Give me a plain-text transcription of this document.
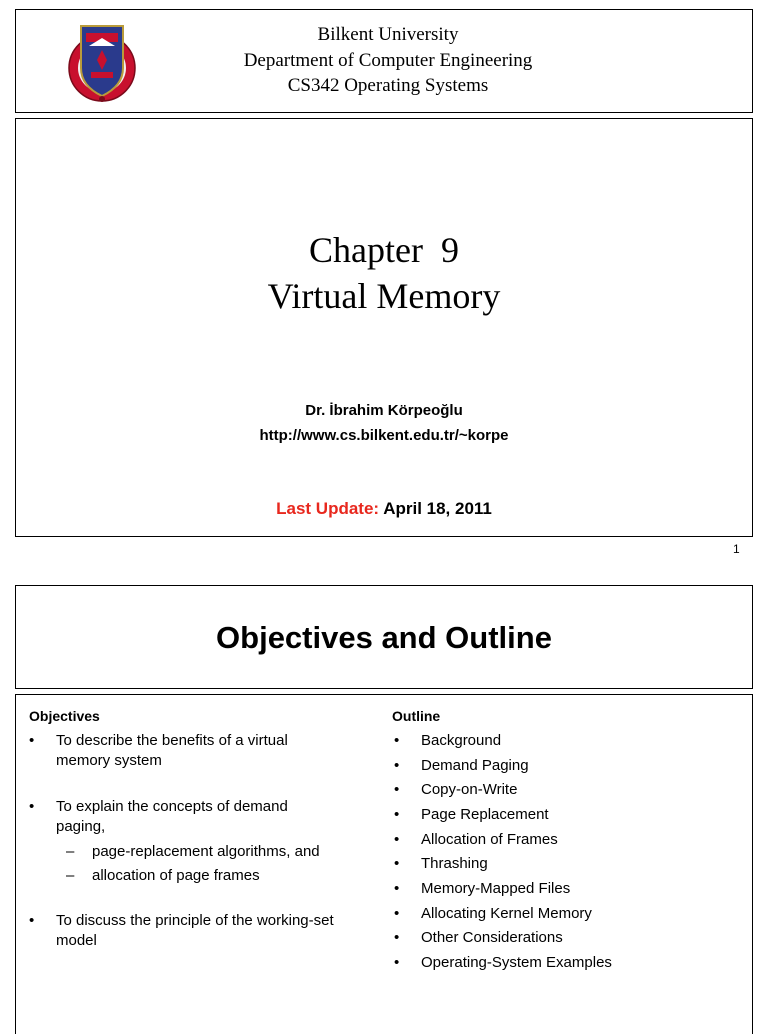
Bilkent University
Department of Computer Engineering
CS342 Operating Systems
Chapter  9
Virtual Memory
Dr. İbrahim Körpeoğlu
http://www.cs.bilkent.edu.tr/~korpe
Last Update: April 18, 2011
1
Objectives and Outline
Objectives
• To describe the benefits of a virtual memory system
• To explain the concepts of demand paging,
– page-replacement algorithms, and
– allocation of page frames
• To discuss the principle of the working-set model
Outline
• Background
• Demand Paging
• Copy-on-Write
• Page Replacement
• Allocation of Frames
• Thrashing
• Memory-Mapped Files
• Allocating Kernel Memory
• Other Considerations
• Operating-System Examples
